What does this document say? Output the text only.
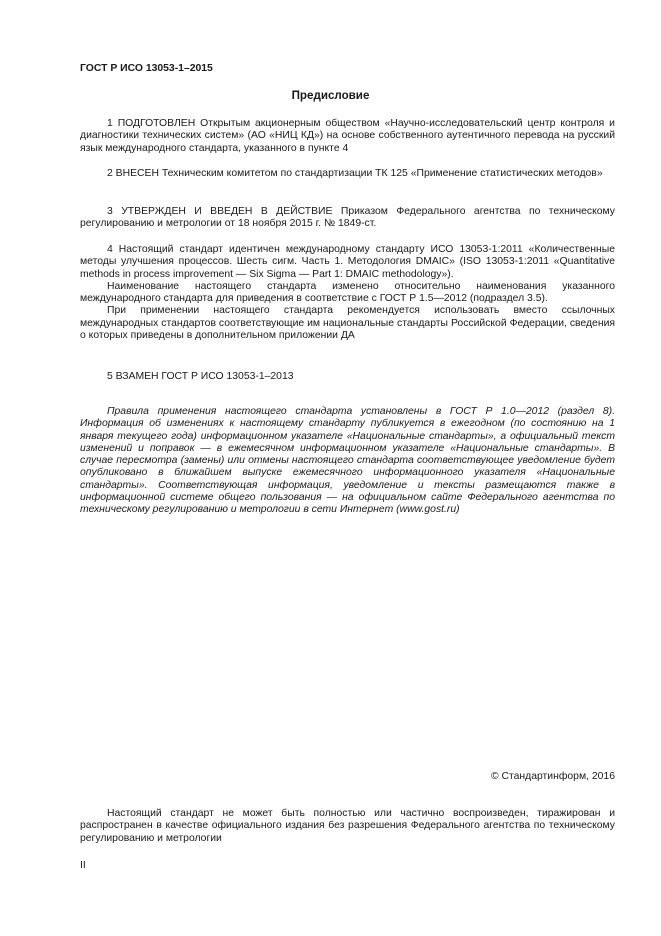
ГОСТ Р ИСО 13053-1–2015
Предисловие

1 ПОДГОТОВЛЕН Открытым акционерным обществом «Научно-исследовательский центр контроля и диагностики технических систем» (АО «НИЦ КД») на основе собственного аутентичного перевода на русский язык международного стандарта, указанного в пункте 4

2 ВНЕСЕН Техническим комитетом по стандартизации ТК 125 «Применение статистических методов»

3 УТВЕРЖДЕН И ВВЕДЕН В ДЕЙСТВИЕ Приказом Федерального агентства по техническому регулированию и метрологии от 18 ноября 2015 г. № 1849-ст.

4 Настоящий стандарт идентичен международному стандарту ИСО 13053-1:2011 «Количественные методы улучшения процессов. Шесть сигм. Часть 1. Методология DMAIC» (ISO 13053-1:2011 «Quantitative methods in process improvement — Six Sigma — Part 1: DMAIC methodology»).

Наименование настоящего стандарта изменено относительно наименования указанного международного стандарта для приведения в соответствие с ГОСТ Р 1.5—2012 (подраздел 3.5).

При применении настоящего стандарта рекомендуется использовать вместо ссылочных международных стандартов соответствующие им национальные стандарты Российской Федерации, сведения о которых приведены в дополнительном приложении ДА

5 ВЗАМЕН ГОСТ Р ИСО 13053-1–2013

Правила применения настоящего стандарта установлены в ГОСТ Р 1.0—2012 (раздел 8). Информация об изменениях к настоящему стандарту публикуется в ежегодном (по состоянию на 1 января текущего года) информационном указателе «Национальные стандарты», а официальный текст изменений и поправок — в ежемесячном информационном указателе «Национальные стандарты». В случае пересмотра (замены) или отмены настоящего стандарта соответствующее уведомление будет опубликовано в ближайшем выпуске ежемесячного информационного указателя «Национальные стандарты». Соответствующая информация, уведомление и тексты размещаются также в информационной системе общего пользования — на официальном сайте Федерального агентства по техническому регулированию и метрологии в сети Интернет (www.gost.ru)

© Стандартинформ, 2016

Настоящий стандарт не может быть полностью или частично воспроизведен, тиражирован и распространен в качестве официального издания без разрешения Федерального агентства по техническому регулированию и метрологии

II
